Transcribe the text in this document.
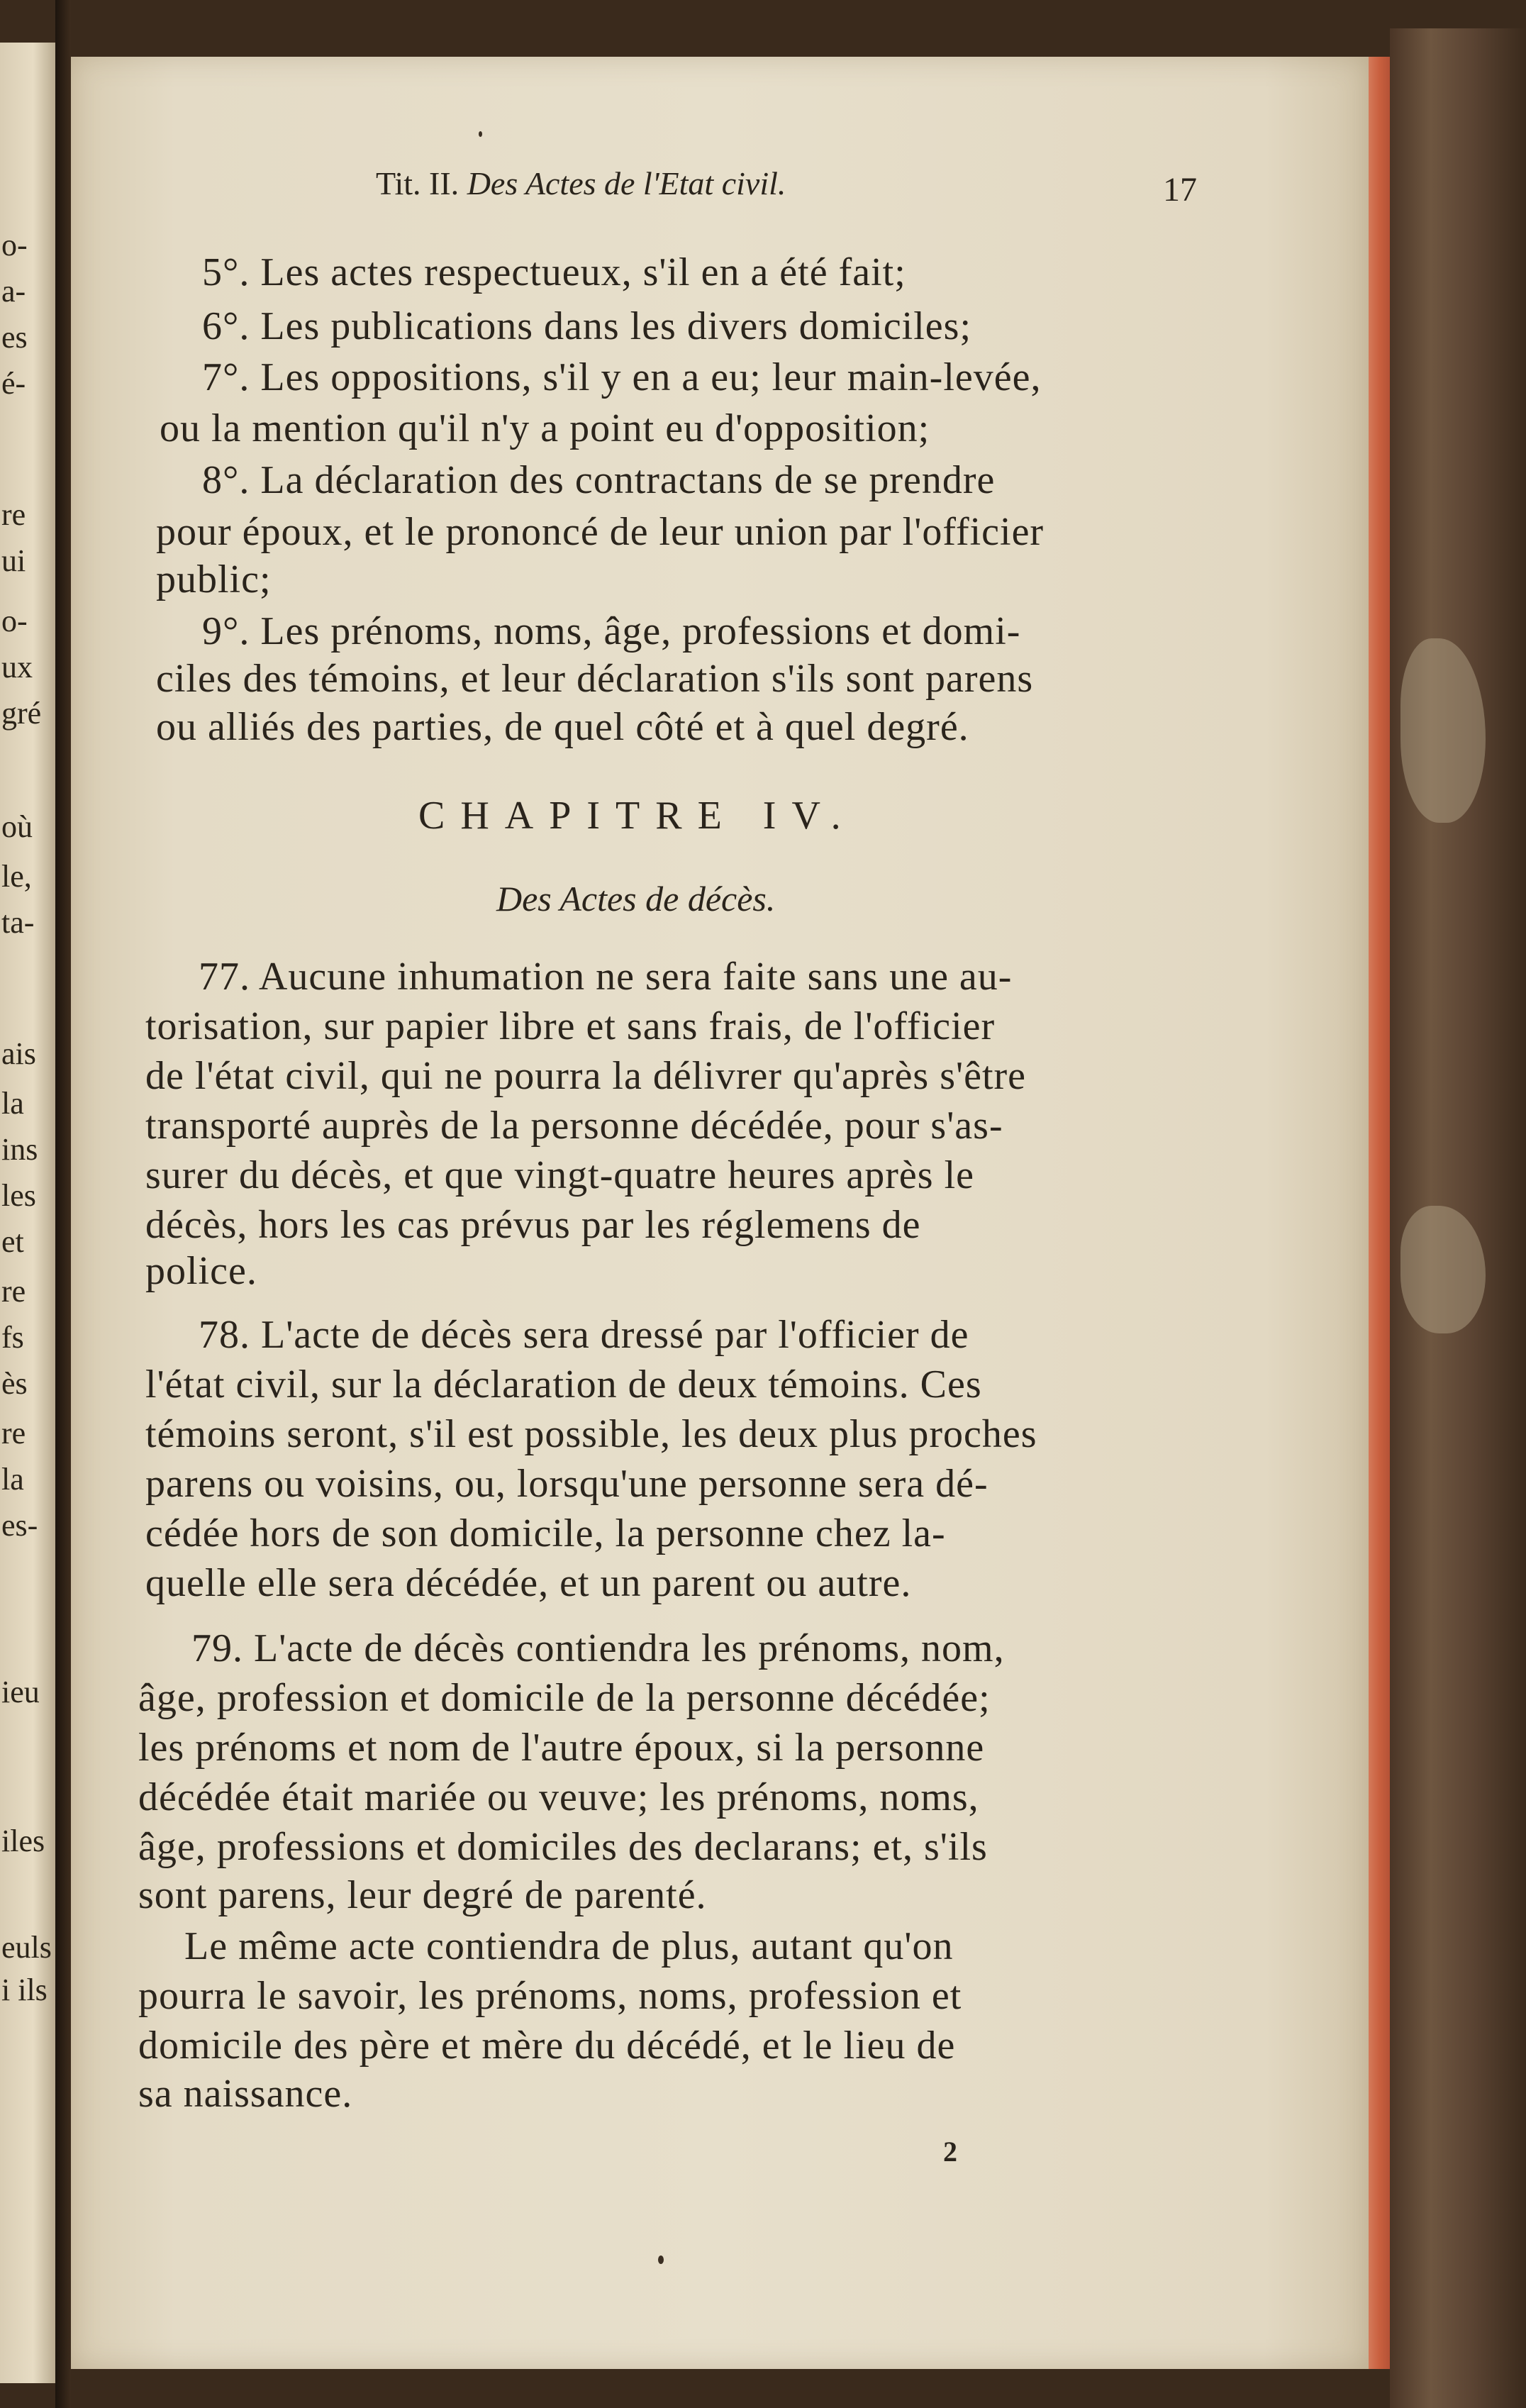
o-
a-
es
é-
re
ui
o-
ux
gré
où
le,
ta-
ais
la
ins
les
et
re
fs
ès
re
la
es-
ieu
iles
euls
i ils
Tit. II. Des Actes de l'Etat civil.	17
5°. Les actes respectueux, s'il en a été fait;
6°. Les publications dans les divers domiciles;
7°. Les oppositions, s'il y en a eu; leur main-levée,
ou la mention qu'il n'y a point eu d'opposition;
8°. La déclaration des contractans de se prendre
pour époux, et le prononcé de leur union par l'officier
public;
9°. Les prénoms, noms, âge, professions et domi-
ciles des témoins, et leur déclaration s'ils sont parens
ou alliés des parties, de quel côté et à quel degré.
CHAPITRE IV.
Des Actes de décès.
77. Aucune inhumation ne sera faite sans une au-
torisation, sur papier libre et sans frais, de l'officier
de l'état civil, qui ne pourra la délivrer qu'après s'être
transporté auprès de la personne décédée, pour s'as-
surer du décès, et que vingt-quatre heures après le
décès, hors les cas prévus par les réglemens de
police.
78. L'acte de décès sera dressé par l'officier de
l'état civil, sur la déclaration de deux témoins. Ces
témoins seront, s'il est possible, les deux plus proches
parens ou voisins, ou, lorsqu'une personne sera dé-
cédée hors de son domicile, la personne chez la-
quelle elle sera décédée, et un parent ou autre.
79. L'acte de décès contiendra les prénoms, nom,
âge, profession et domicile de la personne décédée;
les prénoms et nom de l'autre époux, si la personne
décédée était mariée ou veuve; les prénoms, noms,
âge, professions et domiciles des declarans; et, s'ils
sont parens, leur degré de parenté.
Le même acte contiendra de plus, autant qu'on
pourra le savoir, les prénoms, noms, profession et
domicile des père et mère du décédé, et le lieu de
sa naissance.
2
